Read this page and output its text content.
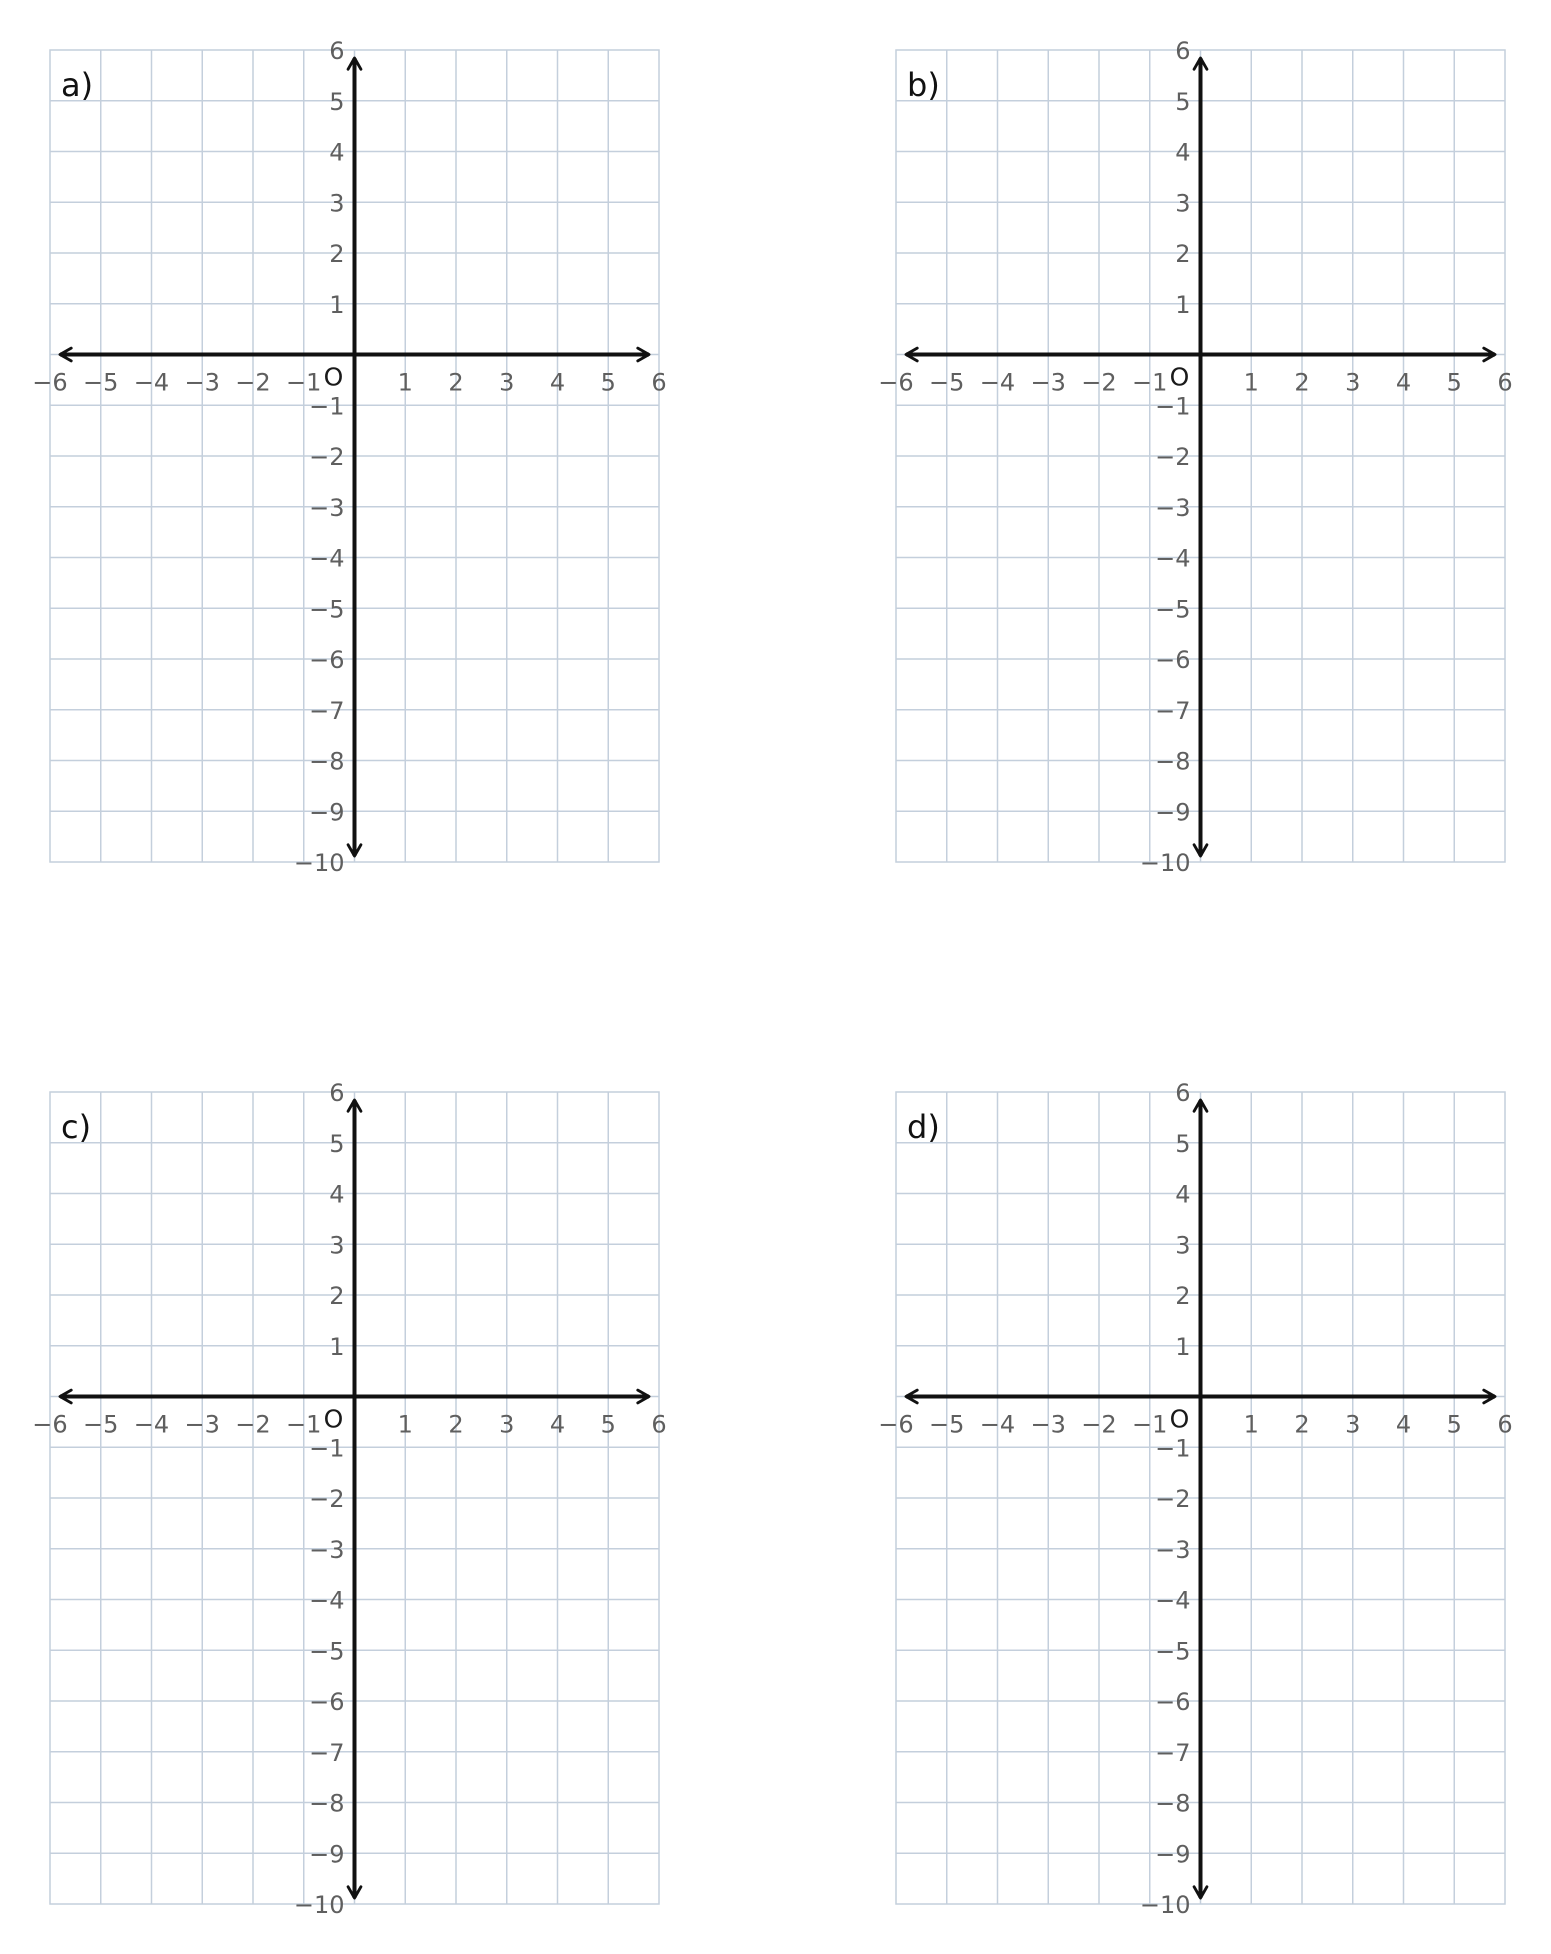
−6 −5 −4 −3 −2 −1	1 2 3 4 5 6
6
5
4
3
2
1
−1
−2
−3
−4
−5
−6
−7
−8
−9
−10
O
a)
−6 −5 −4 −3 −2 −1	1 2 3 4 5 6
6
5
4
3
2
1
−1
−2
−3
−4
−5
−6
−7
−8
−9
−10
O
b)
−6 −5 −4 −3 −2 −1	1 2 3 4 5 6
6
5
4
3
2
1
−1
−2
−3
−4
−5
−6
−7
−8
−9
−10
O
c)
−6 −5 −4 −3 −2 −1	1 2 3 4 5 6
6
5
4
3
2
1
−1
−2
−3
−4
−5
−6
−7
−8
−9
−10
O
d)
